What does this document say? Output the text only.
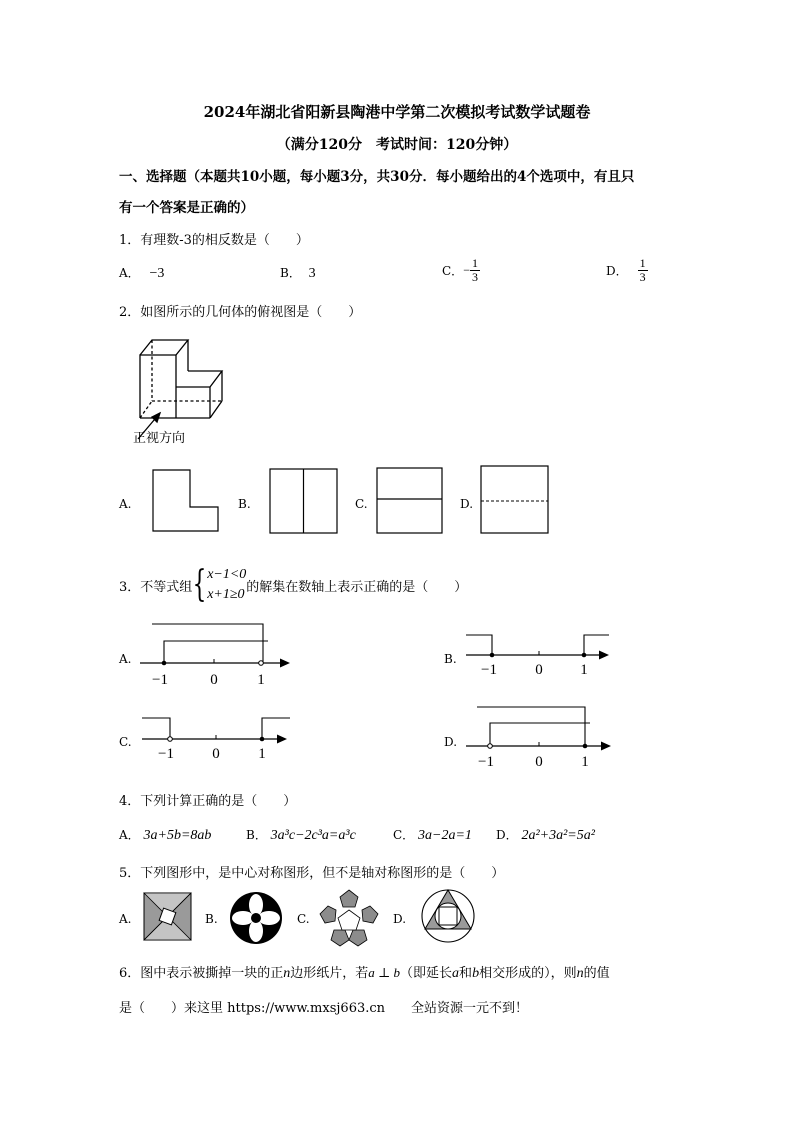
2024年湖北省阳新县陶港中学第二次模拟考试数学试题卷
（满分120分　考试时间：120分钟）
一、选择题（本题共10小题，每小题3分，共30分．每小题给出的4个选项中，有且只
有一个答案是正确的）
1．有理数-3的相反数是（　　）
A． −3	B． 3	C． − $\frac{1}{3}$	D． $\frac{1}{3}$
2．如图所示的几何体的俯视图是（　　）
正视方向
A.	B.	C.	D.
3．不等式组 { x−1<0
x+1≥0 的解集在数轴上表示正确的是（　　）
A.
−1	0	1
B.
−1	0	1
C.
−1	0	1
D.
−1	0	1
4．下列计算正确的是（　　）
A． 3a+5b=8ab	B． 3a³c−2c³a=a³c	C． 3a−2a=1 D． 2a²+3a²=5a²
5．下列图形中，是中心对称图形，但不是轴对称图形的是（　　）
A.	B.	C.	D.
6．图中表示被撕掉一块的正n边形纸片，若a ⊥ b（即延长a和b相交形成的），则n的值
是（　　）来这里 https://www.mxsj663.cn　　全站资源一元不到！
